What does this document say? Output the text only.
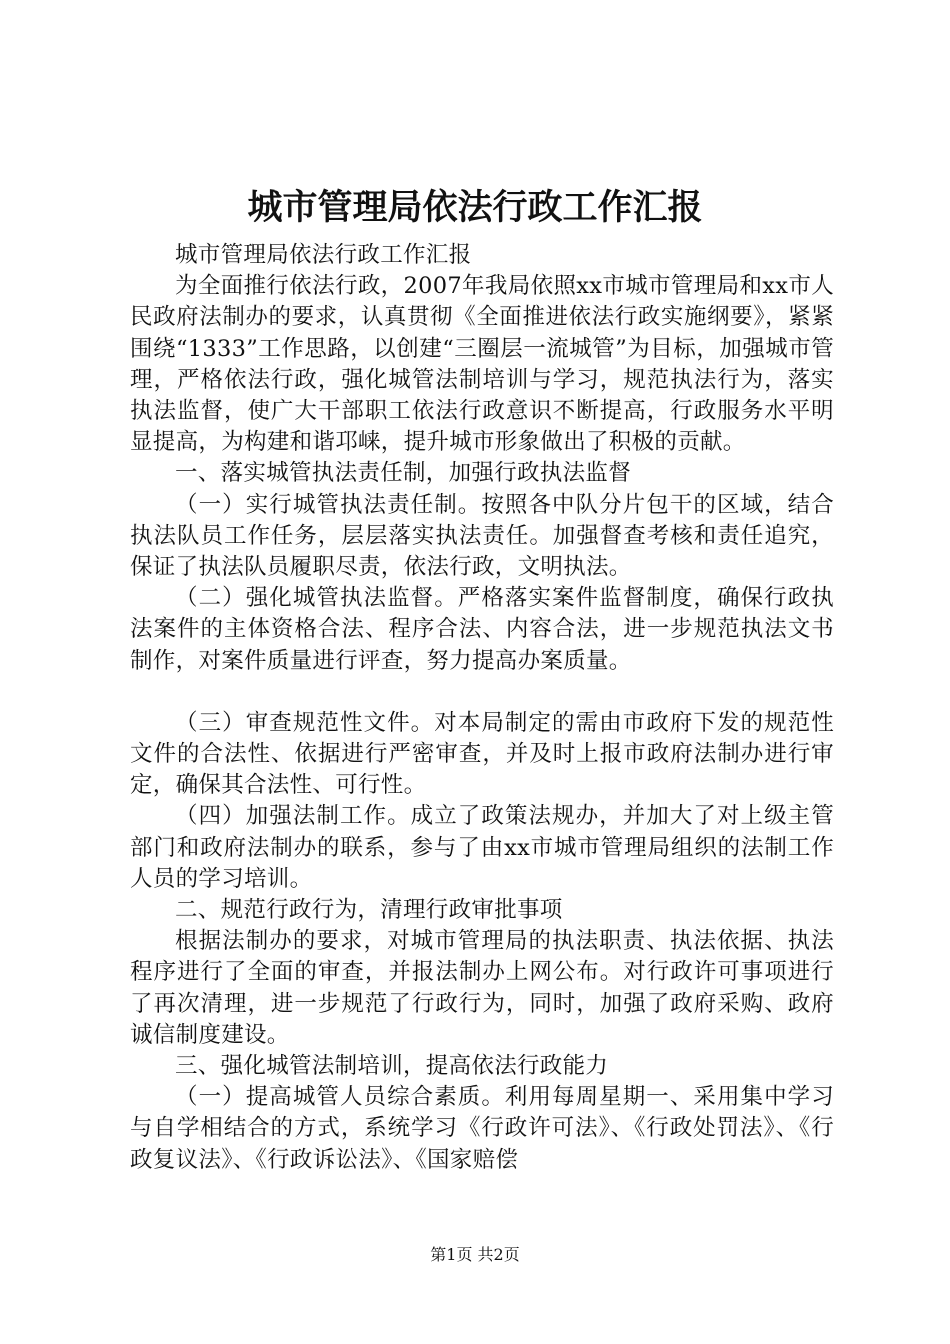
城市管理局依法行政工作汇报

城市管理局依法行政工作汇报

为全面推行依法行政，2007年我局依照xx市城市管理局和xx市人民政府法制办的要求，认真贯彻《全面推进依法行政实施纲要》，紧紧围绕“1333”工作思路，以创建“三圈层一流城管”为目标，加强城市管理，严格依法行政，强化城管法制培训与学习，规范执法行为，落实执法监督，使广大干部职工依法行政意识不断提高，行政服务水平明显提高，为构建和谐邛崃，提升城市形象做出了积极的贡献。

一、落实城管执法责任制，加强行政执法监督

（一）实行城管执法责任制。按照各中队分片包干的区域，结合执法队员工作任务，层层落实执法责任。加强督查考核和责任追究，保证了执法队员履职尽责，依法行政，文明执法。

（二）强化城管执法监督。严格落实案件监督制度，确保行政执法案件的主体资格合法、程序合法、内容合法，进一步规范执法文书制作，对案件质量进行评查，努力提高办案质量。

（三）审查规范性文件。对本局制定的需由市政府下发的规范性文件的合法性、依据进行严密审查，并及时上报市政府法制办进行审定，确保其合法性、可行性。

（四）加强法制工作。成立了政策法规办，并加大了对上级主管部门和政府法制办的联系，参与了由xx市城市管理局组织的法制工作人员的学习培训。

二、规范行政行为，清理行政审批事项

根据法制办的要求，对城市管理局的执法职责、执法依据、执法程序进行了全面的审查，并报法制办上网公布。对行政许可事项进行了再次清理，进一步规范了行政行为，同时，加强了政府采购、政府诚信制度建设。

三、强化城管法制培训，提高依法行政能力

（一）提高城管人员综合素质。利用每周星期一、采用集中学习与自学相结合的方式，系统学习《行政许可法》、《行政处罚法》、《行政复议法》、《行政诉讼法》、《国家赔偿

第1页 共2页
